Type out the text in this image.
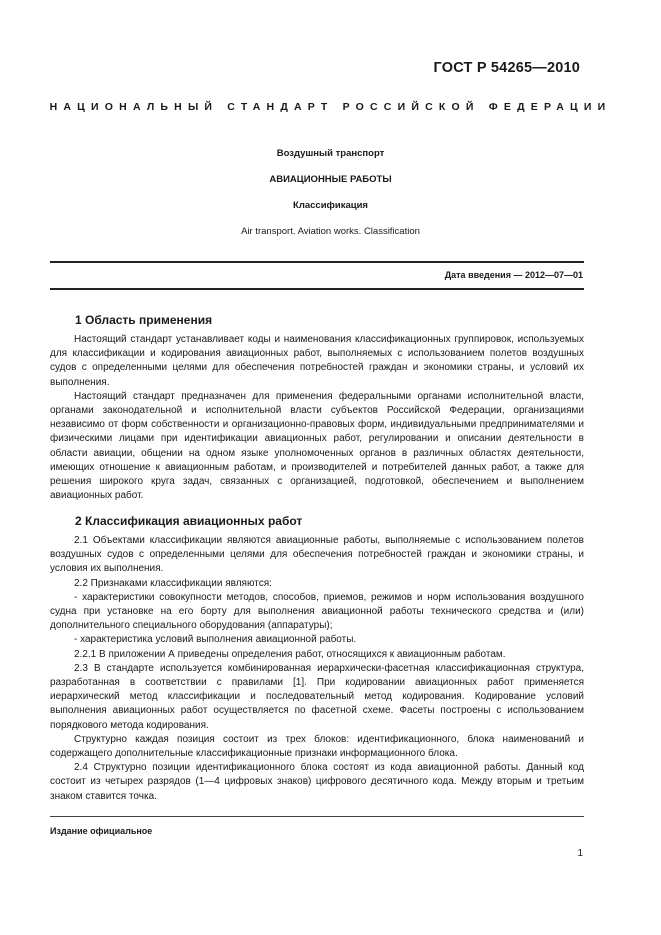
ГОСТ Р 54265—2010
НАЦИОНАЛЬНЫЙ СТАНДАРТ РОССИЙСКОЙ ФЕДЕРАЦИИ
Воздушный транспорт
АВИАЦИОННЫЕ РАБОТЫ
Классификация
Air transport. Aviation works. Classification
Дата введения — 2012—07—01
1 Область применения

Настоящий стандарт устанавливает коды и наименования классификационных группировок, используемых для классификации и кодирования авиационных работ, выполняемых с использованием полетов воздушных судов с определенными целями для обеспечения потребностей граждан и экономики страны, и условий их выполнения.

Настоящий стандарт предназначен для применения федеральными органами исполнительной власти, органами законодательной и исполнительной власти субъектов Российской Федерации, организациями независимо от форм собственности и организационно-правовых форм, индивидуальными предпринимателями и физическими лицами при идентификации авиационных работ, регулировании и описании деятельности в области авиации, общении на одном языке уполномоченных органов в различных областях деятельности, имеющих отношение к авиационным работам, и производителей и потребителей данных работ, а также для решения широкого круга задач, связанных с организацией, подготовкой, обеспечением и выполнением авиационных работ.

2 Классификация авиационных работ

2.1 Объектами классификации являются авиационные работы, выполняемые с использованием полетов воздушных судов с определенными целями для обеспечения потребностей граждан и экономики страны, и условия их выполнения.

2.2 Признаками классификации являются:

- характеристики совокупности методов, способов, приемов, режимов и норм использования воздушного судна при установке на его борту для выполнения авиационной работы технического средства и (или) дополнительного специального оборудования (аппаратуры);

- характеристика условий выполнения авиационной работы.

2.2.1 В приложении А приведены определения работ, относящихся к авиационным работам.

2.3 В стандарте используется комбинированная иерархически-фасетная классификационная структура, разработанная в соответствии с правилами [1]. При кодировании авиационных работ применяется иерархический метод классификации и последовательный метод кодирования. Кодирование условий выполнения авиационных работ осуществляется по фасетной схеме. Фасеты построены с использованием порядкового метода кодирования.

Структурно каждая позиция состоит из трех блоков: идентификационного, блока наименований и содержащего дополнительные классификационные признаки информационного блока.

2.4 Структурно позиции идентификационного блока состоят из кода авиационной работы. Данный код состоит из четырех разрядов (1—4 цифровых знаков) цифрового десятичного кода. Между вторым и третьим знаком ставится точка.

Издание официальное
1
